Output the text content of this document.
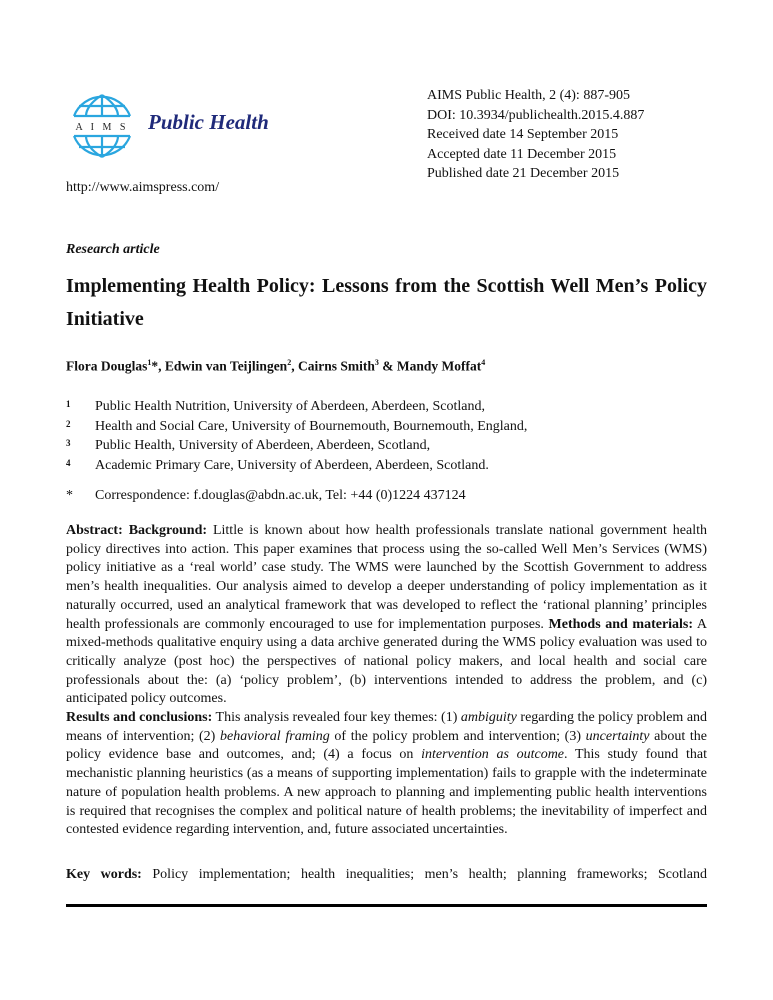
A I M S Public Health
http://www.aimspress.com/
AIMS Public Health, 2 (4): 887-905
DOI: 10.3934/publichealth.2015.4.887
Received date 14 September 2015
Accepted date 11 December 2015
Published date 21 December 2015
Research article
Implementing Health Policy: Lessons from the Scottish Well Men’s Policy Initiative
Flora Douglas$^1$*, Edwin van Teijlingen$^2$, Cairns Smith$^3$ & Mandy Moffat$^4$
1	Public Health Nutrition, University of Aberdeen, Aberdeen, Scotland,
2	Health and Social Care, University of Bournemouth, Bournemouth, England,
3	Public Health, University of Aberdeen, Aberdeen, Scotland,
4	Academic Primary Care, University of Aberdeen, Aberdeen, Scotland.
*	Correspondence: f.douglas@abdn.ac.uk, Tel: +44 (0)1224 437124
Abstract: Background: Little is known about how health professionals translate national government health policy directives into action. This paper examines that process using the so-called Well Men’s Services (WMS) policy initiative as a ‘real world’ case study. The WMS were launched by the Scottish Government to address men’s health inequalities. Our analysis aimed to develop a deeper understanding of policy implementation as it naturally occurred, used an analytical framework that was developed to reflect the ‘rational planning’ principles health professionals are commonly encouraged to use for implementation purposes. Methods and materials: A mixed-methods qualitative enquiry using a data archive generated during the WMS policy evaluation was used to critically analyze (post hoc) the perspectives of national policy makers, and local health and social care professionals about the: (a) ‘policy problem’, (b) interventions intended to address the problem, and (c) anticipated policy outcomes.
Results and conclusions: This analysis revealed four key themes: (1) ambiguity regarding the policy problem and means of intervention; (2) behavioral framing of the policy problem and intervention; (3) uncertainty about the policy evidence base and outcomes, and; (4) a focus on intervention as outcome. This study found that mechanistic planning heuristics (as a means of supporting implementation) fails to grapple with the indeterminate nature of population health problems. A new approach to planning and implementing public health interventions is required that recognises the complex and political nature of health problems; the inevitability of imperfect and contested evidence regarding intervention, and, future associated uncertainties.
Key words: Policy implementation; health inequalities; men’s health; planning frameworks; Scotland
